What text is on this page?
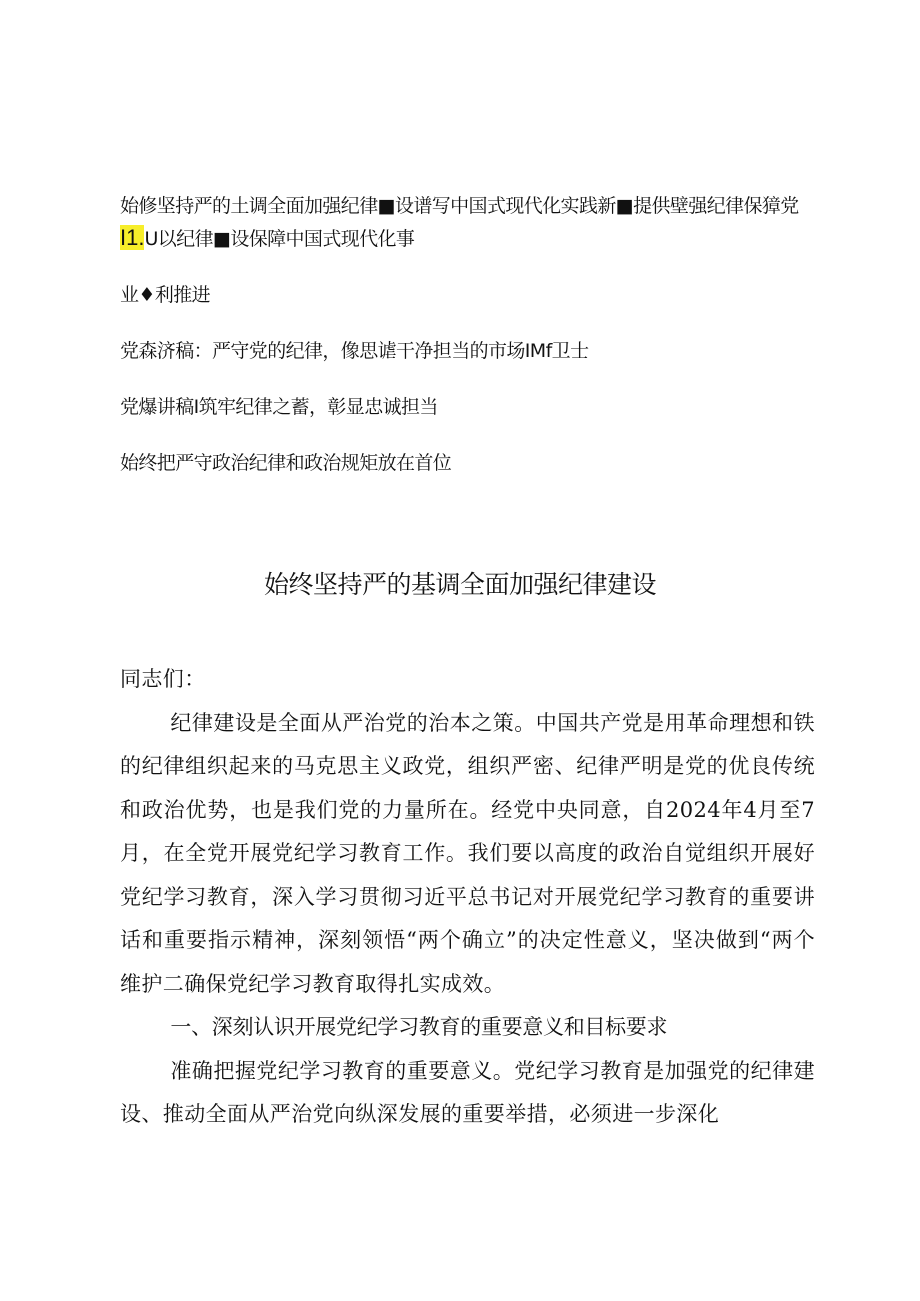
始修坚持严的土调全面加强纪律■设谱写中国式现代化实践新■提供壁强纪律保獐党
I1.U以纪律■设保障中国式现代化事
业♦利推进
党森济稿：严守党的纪律，像思谑干净担当的市场IMf卫士
党爆讲稿I筑牢纪律之蓄，彰显忠诚担当
始终把严守政治纪律和政治规矩放在首位
始终坚持严的基调全面加强纪律建设

同志们：

纪律建设是全面从严治党的治本之策。中国共产党是用革命理想和铁的纪律组织起来的马克思主义政党，组织严密、纪律严明是党的优良传统和政治优势，也是我们党的力量所在。经党中央同意，自2024年4月至7月，在全党开展党纪学习教育工作。我们要以高度的政治自觉组织开展好党纪学习教育，深入学习贯彻习近平总书记对开展党纪学习教育的重要讲话和重要指示精神，深刻领悟“两个确立”的决定性意义，坚决做到“两个维护二确保党纪学习教育取得扎实成效。

一、深刻认识开展党纪学习教育的重要意义和目标要求

准确把握党纪学习教育的重要意义。党纪学习教育是加强党的纪律建设、推动全面从严治党向纵深发展的重要举措，必须进一步深化
